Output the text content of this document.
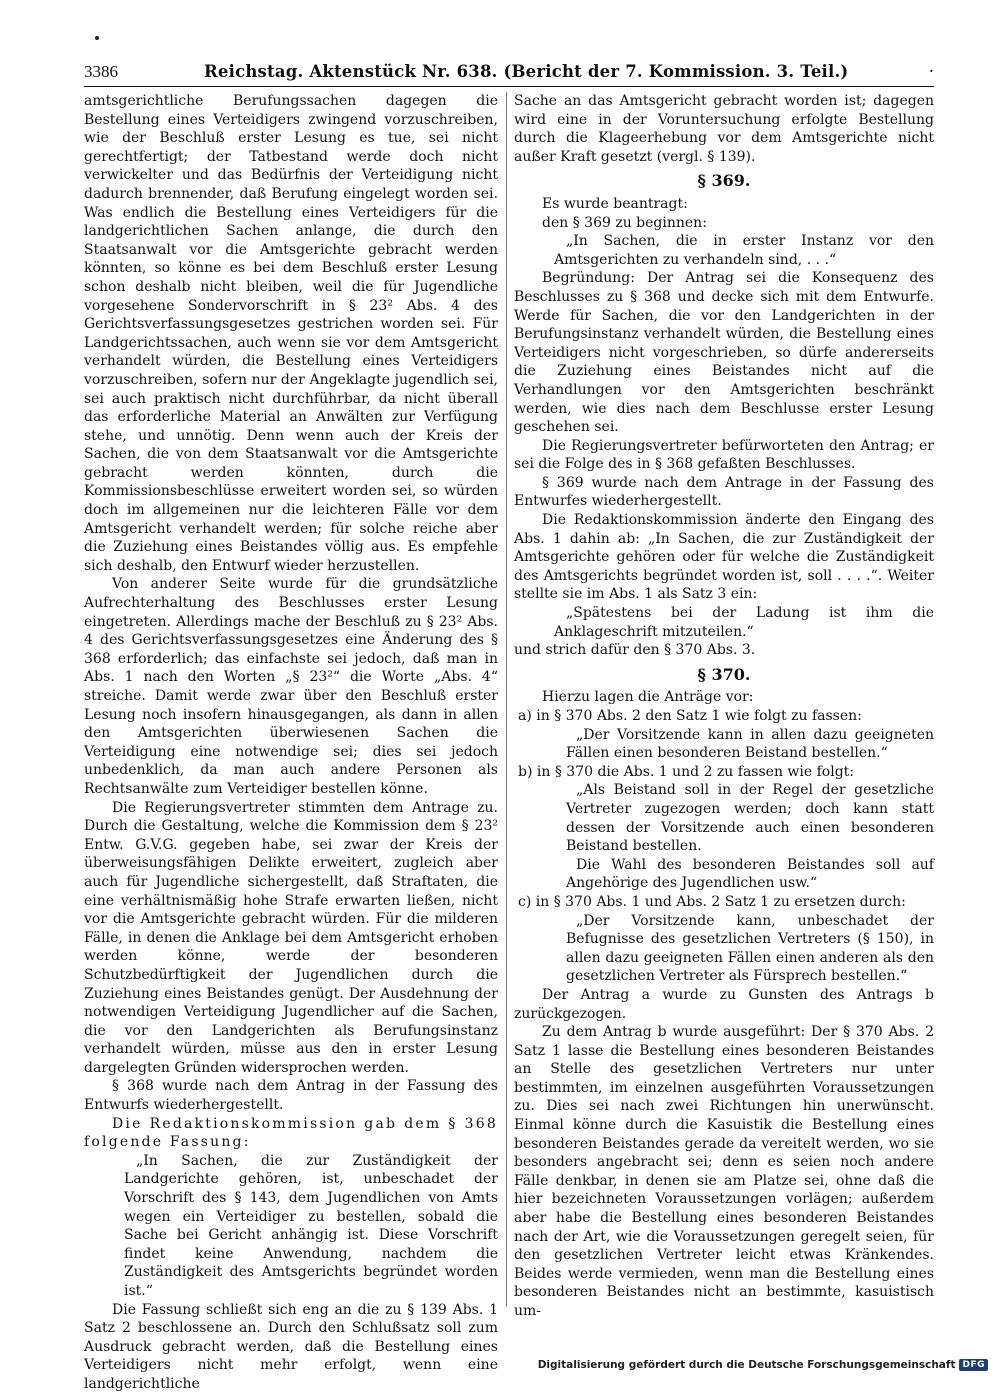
3386	Reichstag. Aktenstück Nr. 638. (Bericht der 7. Kommission. 3. Teil.)	·

amtsgerichtliche Berufungssachen dagegen die Bestellung eines Verteidigers zwingend vorzuschreiben, wie der Beschluß erster Lesung es tue, sei nicht gerechtfertigt; der Tatbestand werde doch nicht verwickelter und das Bedürfnis der Verteidigung nicht dadurch brennender, daß Berufung eingelegt worden sei. Was endlich die Bestellung eines Verteidigers für die landgerichtlichen Sachen anlange, die durch den Staatsanwalt vor die Amtsgerichte gebracht werden könnten, so könne es bei dem Beschluß erster Lesung schon deshalb nicht bleiben, weil die für Jugendliche vorgesehene Sondervorschrift in § 23² Abs. 4 des Gerichtsverfassungsgesetzes gestrichen worden sei. Für Landgerichtssachen, auch wenn sie vor dem Amtsgericht verhandelt würden, die Bestellung eines Verteidigers vorzuschreiben, sofern nur der Angeklagte jugendlich sei, sei auch praktisch nicht durchführbar, da nicht überall das erforderliche Material an Anwälten zur Verfügung stehe, und unnötig. Denn wenn auch der Kreis der Sachen, die von dem Staatsanwalt vor die Amtsgerichte gebracht werden könnten, durch die Kommissionsbeschlüsse erweitert worden sei, so würden doch im allgemeinen nur die leichteren Fälle vor dem Amtsgericht verhandelt werden; für solche reiche aber die Zuziehung eines Beistandes völlig aus. Es empfehle sich deshalb, den Entwurf wieder herzustellen.

Von anderer Seite wurde für die grundsätzliche Aufrechterhaltung des Beschlusses erster Lesung eingetreten. Allerdings mache der Beschluß zu § 23² Abs. 4 des Gerichtsverfassungsgesetzes eine Änderung des § 368 erforderlich; das einfachste sei jedoch, daß man in Abs. 1 nach den Worten „§ 23²“ die Worte „Abs. 4“ streiche. Damit werde zwar über den Beschluß erster Lesung noch insofern hinausgegangen, als dann in allen den Amtsgerichten überwiesenen Sachen die Verteidigung eine notwendige sei; dies sei jedoch unbedenklich, da man auch andere Personen als Rechtsanwälte zum Verteidiger bestellen könne.

Die Regierungsvertreter stimmten dem Antrage zu. Durch die Gestaltung, welche die Kommission dem § 23² Entw. G.V.G. gegeben habe, sei zwar der Kreis der überweisungsfähigen Delikte erweitert, zugleich aber auch für Jugendliche sichergestellt, daß Straftaten, die eine verhältnismäßig hohe Strafe erwarten ließen, nicht vor die Amtsgerichte gebracht würden. Für die milderen Fälle, in denen die Anklage bei dem Amtsgericht erhoben werden könne, werde der besonderen Schutzbedürftigkeit der Jugendlichen durch die Zuziehung eines Beistandes genügt. Der Ausdehnung der notwendigen Verteidigung Jugendlicher auf die Sachen, die vor den Landgerichten als Berufungsinstanz verhandelt würden, müsse aus den in erster Lesung dargelegten Gründen widersprochen werden.

§ 368 wurde nach dem Antrag in der Fassung des Entwurfs wiederhergestellt.

Die Redaktionskommission gab dem § 368 folgende Fassung:

„In Sachen, die zur Zuständigkeit der Landgerichte gehören, ist, unbeschadet der Vorschrift des § 143, dem Jugendlichen von Amts wegen ein Verteidiger zu bestellen, sobald die Sache bei Gericht anhängig ist. Diese Vorschrift findet keine Anwendung, nachdem die Zuständigkeit des Amtsgerichts begründet worden ist.“

Die Fassung schließt sich eng an die zu § 139 Abs. 1 Satz 2 beschlossene an. Durch den Schlußsatz soll zum Ausdruck gebracht werden, daß die Bestellung eines Verteidigers nicht mehr erfolgt, wenn eine landgerichtliche

Sache an das Amtsgericht gebracht worden ist; dagegen wird eine in der Voruntersuchung erfolgte Bestellung durch die Klageerhebung vor dem Amtsgerichte nicht außer Kraft gesetzt (vergl. § 139).

§ 369.

Es wurde beantragt:

den § 369 zu beginnen:

„In Sachen, die in erster Instanz vor den Amtsgerichten zu verhandeln sind, . . .“

Begründung: Der Antrag sei die Konsequenz des Beschlusses zu § 368 und decke sich mit dem Entwurfe. Werde für Sachen, die vor den Landgerichten in der Berufungsinstanz verhandelt würden, die Bestellung eines Verteidigers nicht vorgeschrieben, so dürfe andererseits die Zuziehung eines Beistandes nicht auf die Verhandlungen vor den Amtsgerichten beschränkt werden, wie dies nach dem Beschlusse erster Lesung geschehen sei.

Die Regierungsvertreter befürworteten den Antrag; er sei die Folge des in § 368 gefaßten Beschlusses.

§ 369 wurde nach dem Antrage in der Fassung des Entwurfes wiederhergestellt.

Die Redaktionskommission änderte den Eingang des Abs. 1 dahin ab: „In Sachen, die zur Zuständigkeit der Amtsgerichte gehören oder für welche die Zuständigkeit des Amtsgerichts begründet worden ist, soll . . . .“. Weiter stellte sie im Abs. 1 als Satz 3 ein:

„Spätestens bei der Ladung ist ihm die Anklageschrift mitzuteilen.“

und strich dafür den § 370 Abs. 3.

§ 370.

Hierzu lagen die Anträge vor:

a) in § 370 Abs. 2 den Satz 1 wie folgt zu fassen:

„Der Vorsitzende kann in allen dazu geeigneten Fällen einen besonderen Beistand bestellen.“

b) in § 370 die Abs. 1 und 2 zu fassen wie folgt:

„Als Beistand soll in der Regel der gesetzliche Vertreter zugezogen werden; doch kann statt dessen der Vorsitzende auch einen besonderen Beistand bestellen.

Die Wahl des besonderen Beistandes soll auf Angehörige des Jugendlichen usw.“

c) in § 370 Abs. 1 und Abs. 2 Satz 1 zu ersetzen durch:

„Der Vorsitzende kann, unbeschadet der Befugnisse des gesetzlichen Vertreters (§ 150), in allen dazu geeigneten Fällen einen anderen als den gesetzlichen Vertreter als Fürsprech bestellen.“

Der Antrag a wurde zu Gunsten des Antrags b zurückgezogen.

Zu dem Antrag b wurde ausgeführt: Der § 370 Abs. 2 Satz 1 lasse die Bestellung eines besonderen Beistandes an Stelle des gesetzlichen Vertreters nur unter bestimmten, im einzelnen ausgeführten Voraussetzungen zu. Dies sei nach zwei Richtungen hin unerwünscht. Einmal könne durch die Kasuistik die Bestellung eines besonderen Beistandes gerade da vereitelt werden, wo sie besonders angebracht sei; denn es seien noch andere Fälle denkbar, in denen sie am Platze sei, ohne daß die hier bezeichneten Voraussetzungen vorlägen; außerdem aber habe die Bestellung eines besonderen Beistandes nach der Art, wie die Voraussetzungen geregelt seien, für den gesetzlichen Vertreter leicht etwas Kränkendes. Beides werde vermieden, wenn man die Bestellung eines besonderen Beistandes nicht an bestimmte, kasuistisch um-

Digitalisierung gefördert durch die Deutsche Forschungsgemeinschaft DFG
